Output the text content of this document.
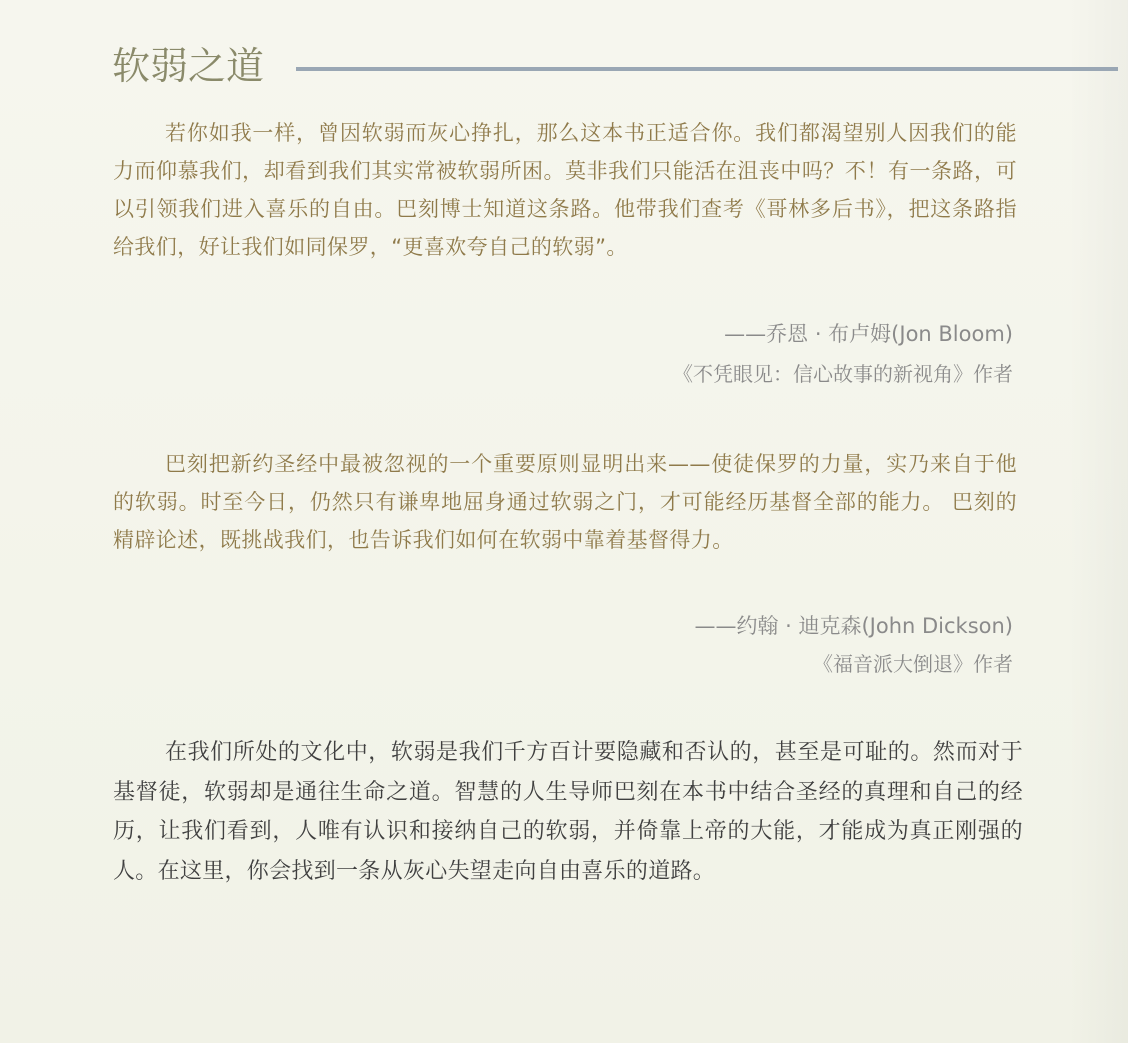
软弱之道

若你如我一样，曾因软弱而灰心挣扎，那么这本书正适合你。我们都渴望别人因我们的能力而仰慕我们，却看到我们其实常被软弱所困。莫非我们只能活在沮丧中吗？不！有一条路，可以引领我们进入喜乐的自由。巴刻博士知道这条路。他带我们查考《哥林多后书》，把这条路指给我们，好让我们如同保罗，“更喜欢夸自己的软弱”。

——乔恩 · 布卢姆(Jon Bloom)

《不凭眼见：信心故事的新视角》作者

巴刻把新约圣经中最被忽视的一个重要原则显明出来——使徒保罗的力量，实乃来自于他的软弱。时至今日，仍然只有谦卑地屈身通过软弱之门，才可能经历基督全部的能力。 巴刻的精辟论述，既挑战我们，也告诉我们如何在软弱中靠着基督得力。

——约翰 · 迪克森(John Dickson)

《福音派大倒退》作者

在我们所处的文化中，软弱是我们千方百计要隐藏和否认的，甚至是可耻的。然而对于基督徒，软弱却是通往生命之道。智慧的人生导师巴刻在本书中结合圣经的真理和自己的经历，让我们看到，人唯有认识和接纳自己的软弱，并倚靠上帝的大能，才能成为真正刚强的人。在这里，你会找到一条从灰心失望走向自由喜乐的道路。
